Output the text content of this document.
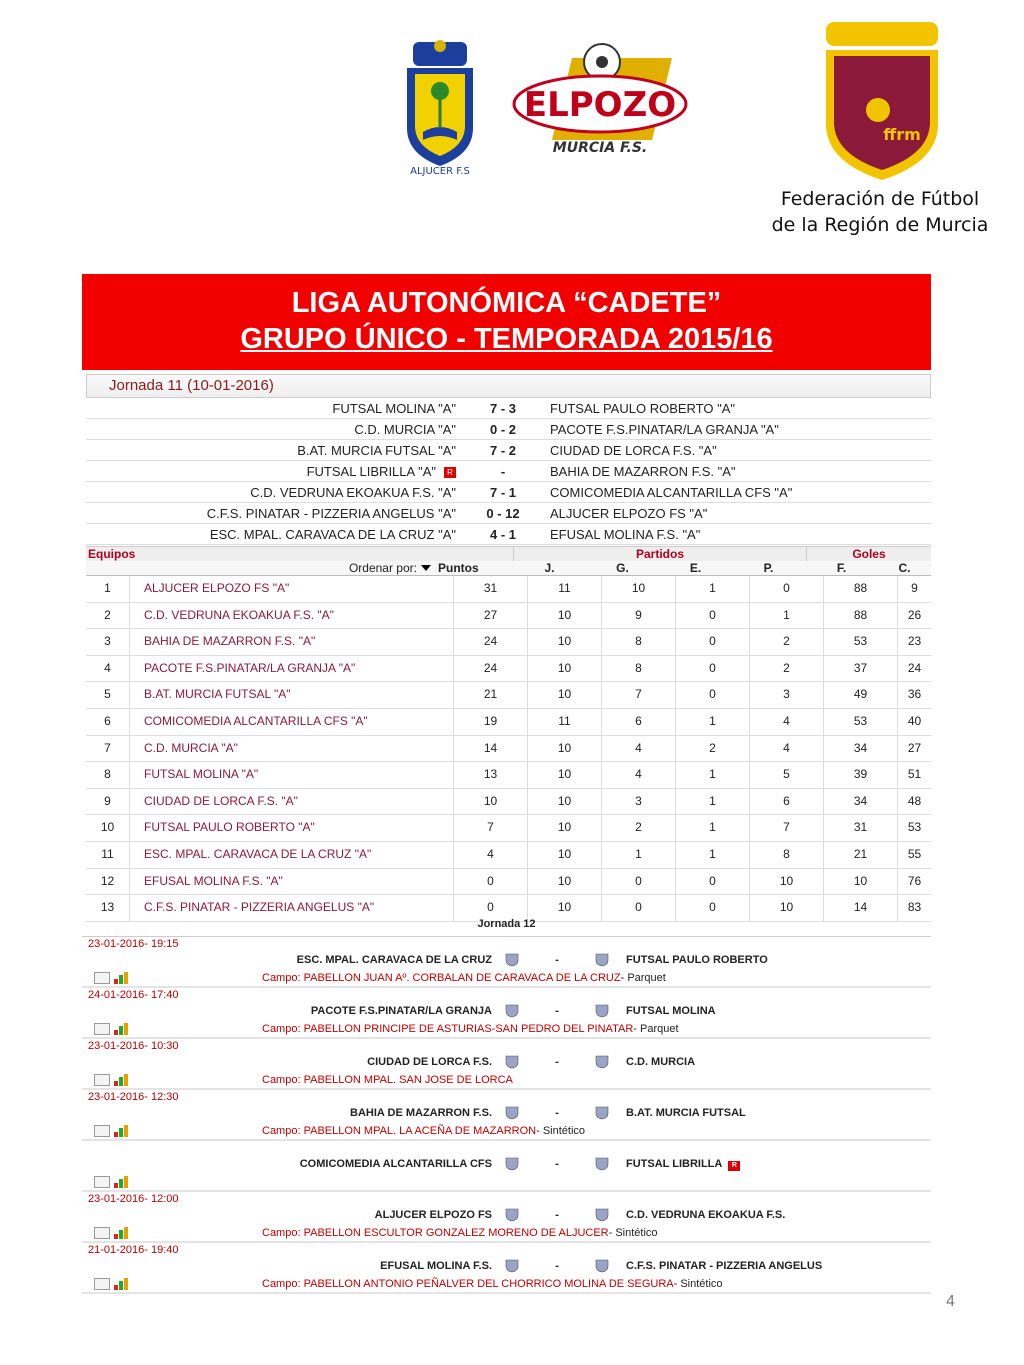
ALJUCER F.S
ELPOZO
MURCIA F.S.
ffrm
Federación de Fútbol
de la Región de Murcia
LIGA AUTONÓMICA “CADETE”
GRUPO ÚNICO - TEMPORADA 2015/16
Jornada 11 (10-01-2016)
FUTSAL MOLINA "A"	7 - 3	FUTSAL PAULO ROBERTO "A"
C.D. MURCIA "A"	0 - 2	PACOTE F.S.PINATAR/LA GRANJA "A"
B.AT. MURCIA FUTSAL "A"	7 - 2	CIUDAD DE LORCA F.S. "A"
FUTSAL LIBRILLA "A" R	-	BAHIA DE MAZARRON F.S. "A"
C.D. VEDRUNA EKOAKUA F.S. "A"	7 - 1	COMICOMEDIA ALCANTARILLA CFS "A"
C.F.S. PINATAR - PIZZERIA ANGELUS "A"	0 - 12	ALJUCER ELPOZO FS "A"
ESC. MPAL. CARAVACA DE LA CRUZ "A"	4 - 1	EFUSAL MOLINA F.S. "A"
Equipos	Partidos	Goles
Ordenar por:	Puntos	J.	G.	E.	P.	F.	C.
1	ALJUCER ELPOZO FS "A"	31	11	10	1	0	88	9
2	C.D. VEDRUNA EKOAKUA F.S. "A"	27	10	9	0	1	88	26
3	BAHIA DE MAZARRON F.S. "A"	24	10	8	0	2	53	23
4	PACOTE F.S.PINATAR/LA GRANJA "A"	24	10	8	0	2	37	24
5	B.AT. MURCIA FUTSAL "A"	21	10	7	0	3	49	36
6	COMICOMEDIA ALCANTARILLA CFS "A"	19	11	6	1	4	53	40
7	C.D. MURCIA "A"	14	10	4	2	4	34	27
8	FUTSAL MOLINA "A"	13	10	4	1	5	39	51
9	CIUDAD DE LORCA F.S. "A"	10	10	3	1	6	34	48
10	FUTSAL PAULO ROBERTO "A"	7	10	2	1	7	31	53
11	ESC. MPAL. CARAVACA DE LA CRUZ "A"	4	10	1	1	8	21	55
12	EFUSAL MOLINA F.S. "A"	0	10	0	0	10	10	76
13	C.F.S. PINATAR - PIZZERIA ANGELUS "A"	0	10	0	0	10	14	83
Jornada 12
23-01-2016- 19:15
ESC. MPAL. CARAVACA DE LA CRUZ	-	FUTSAL PAULO ROBERTO
Campo:
PABELLON JUAN Aº. CORBALAN DE CARAVACA DE LA CRUZ - Parquet
24-01-2016- 17:40
PACOTE F.S.PINATAR/LA GRANJA	-	FUTSAL MOLINA
Campo:
PABELLON PRINCIPE DE ASTURIAS-SAN PEDRO DEL PINATAR - Parquet
23-01-2016- 10:30
CIUDAD DE LORCA F.S.	-	C.D. MURCIA
Campo:
PABELLON MPAL. SAN JOSE DE LORCA
23-01-2016- 12:30
BAHIA DE MAZARRON F.S.	-	B.AT. MURCIA FUTSAL
Campo:
PABELLON MPAL. LA ACEÑA DE MAZARRON - Sintético
COMICOMEDIA ALCANTARILLA CFS	-	FUTSAL LIBRILLA R
23-01-2016- 12:00
ALJUCER ELPOZO FS	-	C.D. VEDRUNA EKOAKUA F.S.
Campo:
PABELLON ESCULTOR GONZALEZ MORENO DE ALJUCER - Sintético
21-01-2016- 19:40
EFUSAL MOLINA F.S.	-	C.F.S. PINATAR - PIZZERIA ANGELUS
Campo:
PABELLON ANTONIO PEÑALVER DEL CHORRICO MOLINA DE SEGURA - Sintético
4
